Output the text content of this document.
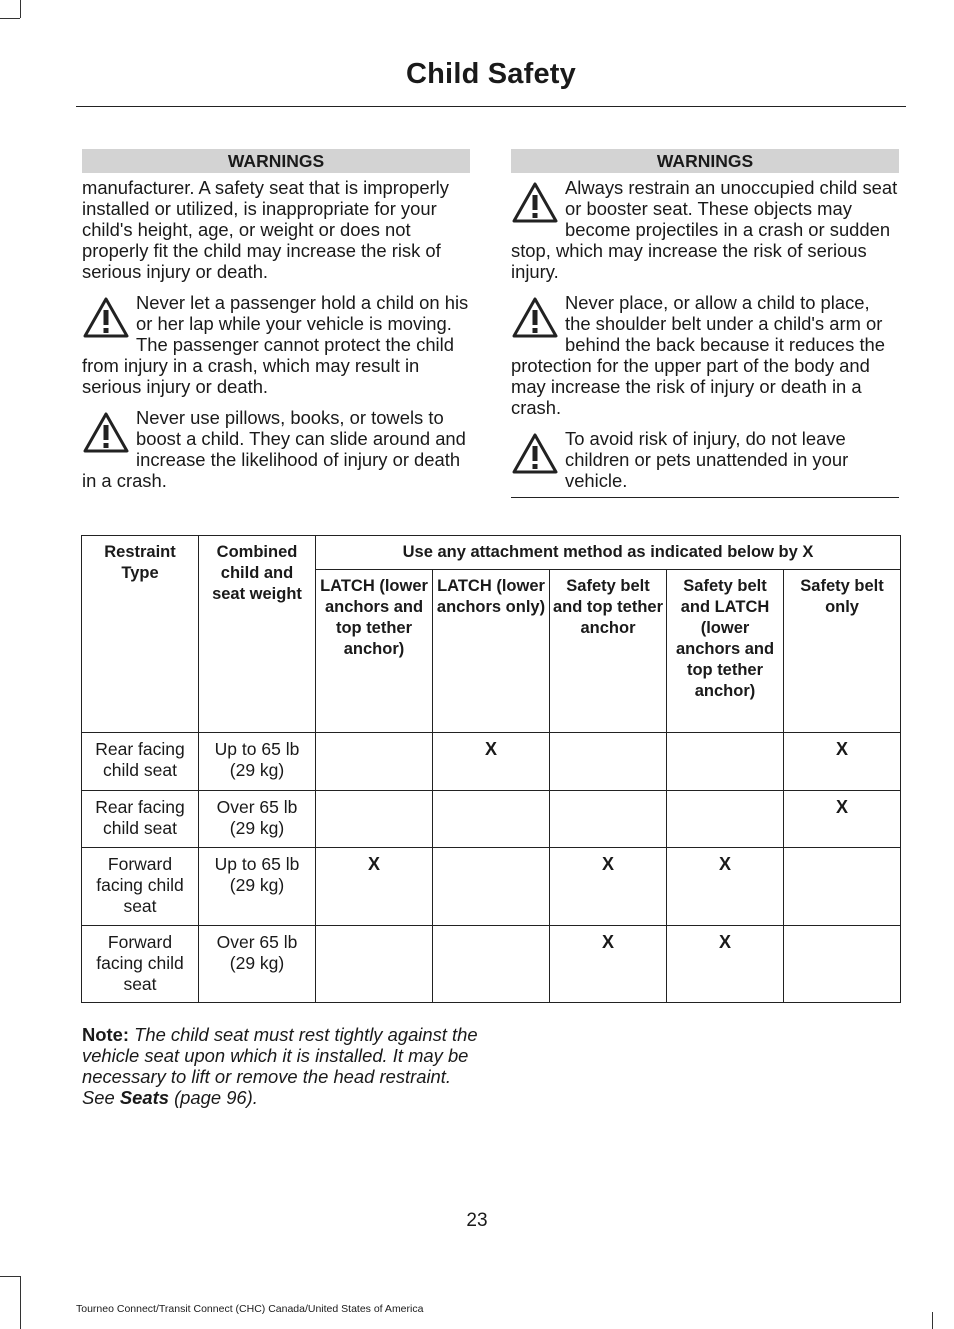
Child Safety
WARNINGS

manufacturer. A safety seat that is improperly installed or utilized, is inappropriate for your child's height, age, or weight or does not properly fit the child may increase the risk of serious injury or death.

Never let a passenger hold a child on his or her lap while your vehicle is moving. The passenger cannot protect the child from injury in a crash, which may result in serious injury or death.
Never use pillows, books, or towels to boost a child. They can slide around and increase the likelihood of injury or death in a crash.
WARNINGS
Always restrain an unoccupied child seat or booster seat. These objects may become projectiles in a crash or sudden stop, which may increase the risk of serious injury.
Never place, or allow a child to place, the shoulder belt under a child's arm or behind the back because it reduces the protection for the upper part of the body and may increase the risk of injury or death in a crash.
To avoid risk of injury, do not leave children or pets unattended in your vehicle.
Restraint Type	Combined child and seat weight	Use any attachment method as indicated below by X				
		LATCH (lower anchors and top tether anchor)	LATCH (lower anchors only)	Safety belt and top tether anchor	Safety belt and LATCH (lower anchors and top tether anchor)	Safety belt only
Rear facing child seat	Up to 65 lb (29 kg)		X			X
Rear facing child seat	Over 65 lb (29 kg)					X
Forward facing child seat	Up to 65 lb (29 kg)	X		X	X	
Forward facing child seat	Over 65 lb (29 kg)			X	X	
Note: The child seat must rest tightly against the vehicle seat upon which it is installed. It may be necessary to lift or remove the head restraint. See Seats (page 96).
23
Tourneo Connect/Transit Connect (CHC) Canada/United States of America
